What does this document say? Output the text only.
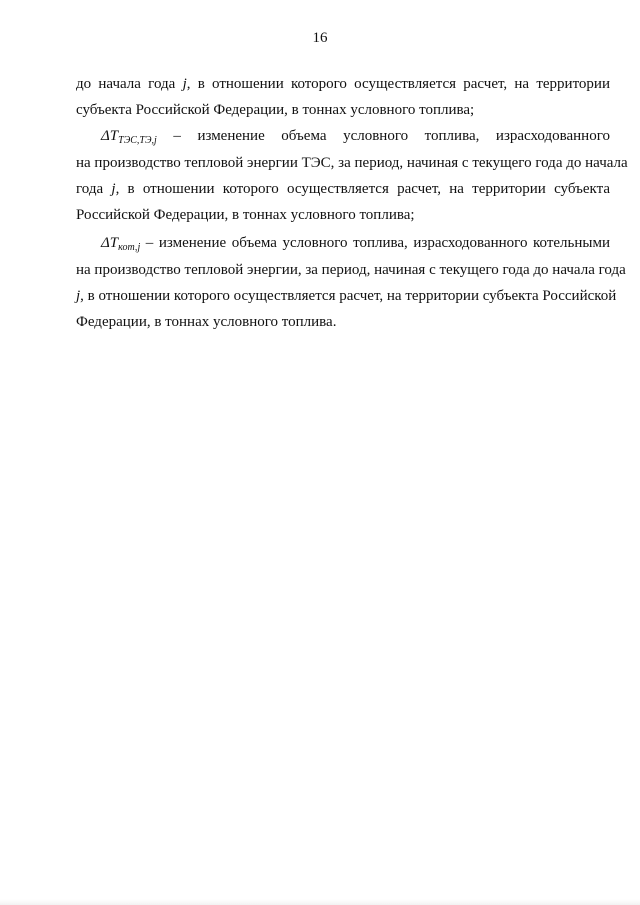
16
до начала года j, в отношении которого осуществляется расчет, на территории
субъекта Российской Федерации, в тоннах условного топлива;
$\Delta T_{ТЭС,ТЭ,j}$ – изменение объема условного топлива, израсходованного
на производство тепловой энергии ТЭС, за период, начиная с текущего года до начала
года j, в отношении которого осуществляется расчет, на территории субъекта
Российской Федерации, в тоннах условного топлива;
$\Delta T_{кот,j}$ – изменение объема условного топлива, израсходованного котельными
на производство тепловой энергии, за период, начиная с текущего года до начала года
j, в отношении которого осуществляется расчет, на территории субъекта Российской
Федерации, в тоннах условного топлива.
